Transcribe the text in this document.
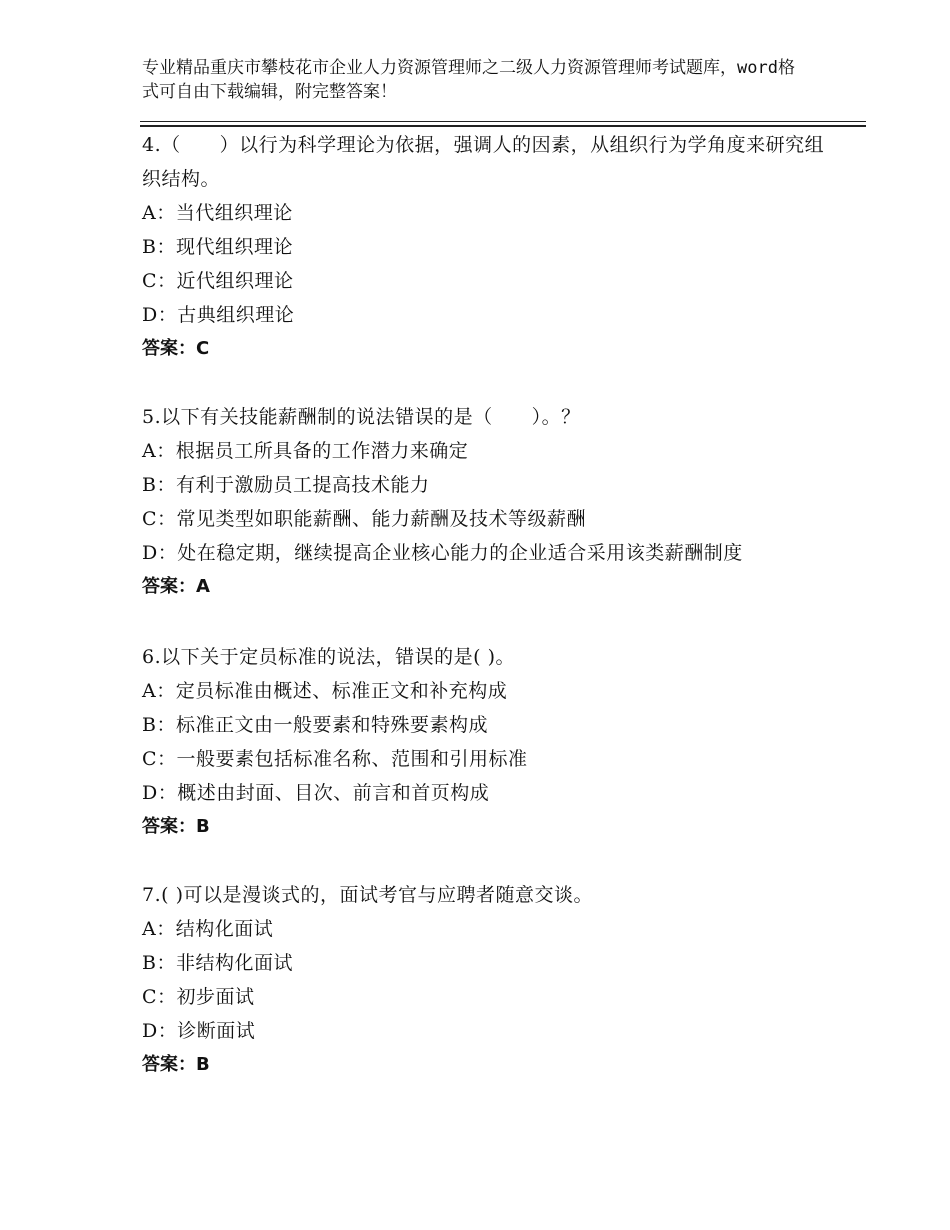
专业精品重庆市攀枝花市企业人力资源管理师之二级人力资源管理师考试题库，word格式可自由下载编辑，附完整答案！

4.（　　）以行为科学理论为依据，强调人的因素，从组织行为学角度来研究组织结构。

A：当代组织理论

B：现代组织理论

C：近代组织理论

D：古典组织理论

答案：C

5.以下有关技能薪酬制的说法错误的是（　　）。？

A：根据员工所具备的工作潜力来确定

B：有利于激励员工提高技术能力

C：常见类型如职能薪酬、能力薪酬及技术等级薪酬

D：处在稳定期，继续提高企业核心能力的企业适合采用该类薪酬制度

答案：A

6.以下关于定员标准的说法，错误的是( )。

A：定员标准由概述、标准正文和补充构成

B：标准正文由一般要素和特殊要素构成

C：一般要素包括标准名称、范围和引用标准

D：概述由封面、目次、前言和首页构成

答案：B

7.( )可以是漫谈式的，面试考官与应聘者随意交谈。

A：结构化面试

B：非结构化面试

C：初步面试

D：诊断面试

答案：B
